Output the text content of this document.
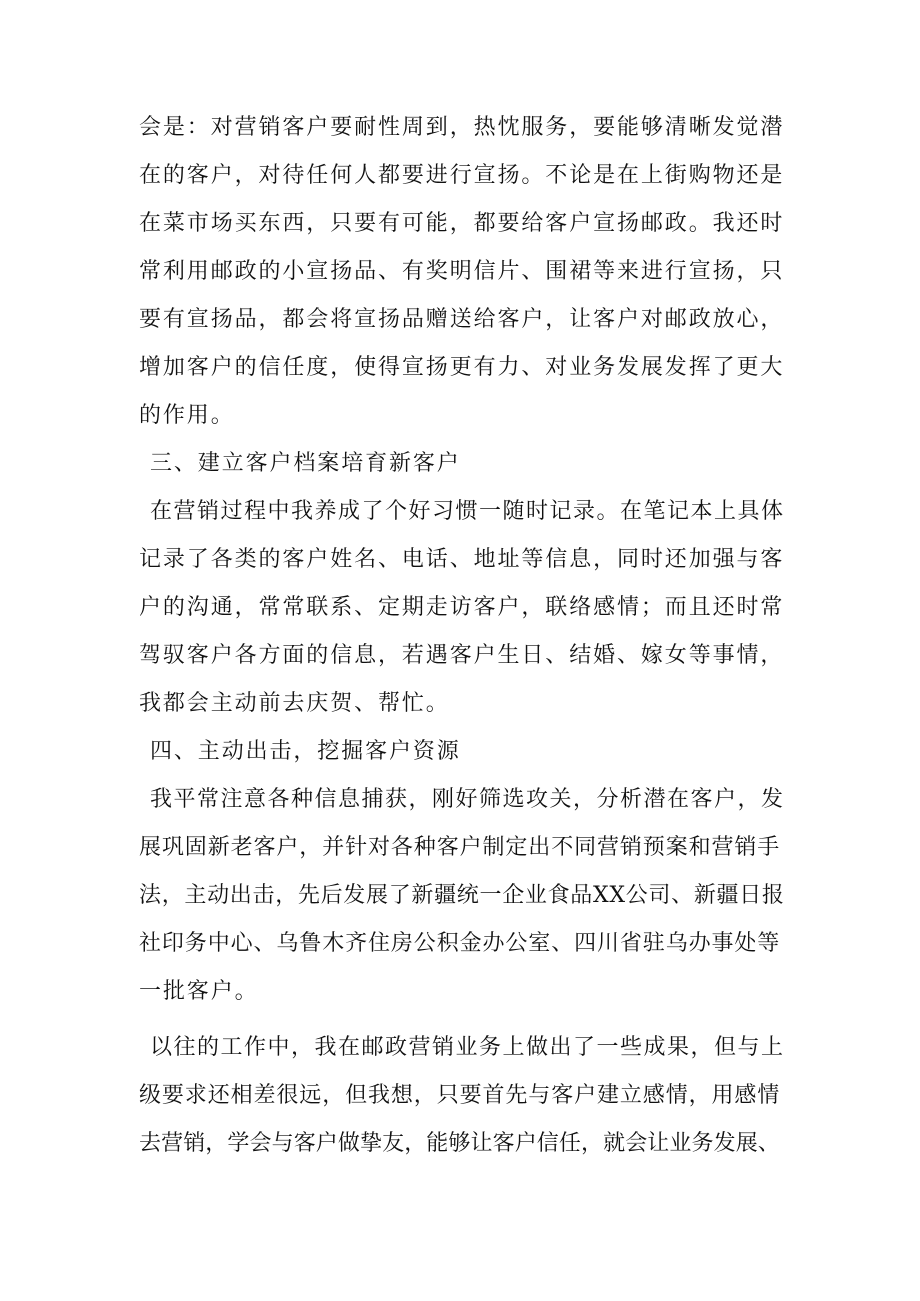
会是：对营销客户要耐性周到，热忱服务，要能够清晰发觉潜
在的客户，对待任何人都要进行宣扬。不论是在上街购物还是
在菜市场买东西，只要有可能，都要给客户宣扬邮政。我还时
常利用邮政的小宣扬品、有奖明信片、围裙等来进行宣扬，只
要有宣扬品，都会将宣扬品赠送给客户，让客户对邮政放心，
增加客户的信任度，使得宣扬更有力、对业务发展发挥了更大
的作用。
三、建立客户档案培育新客户
在营销过程中我养成了个好习惯一随时记录。在笔记本上具体
记录了各类的客户姓名、电话、地址等信息，同时还加强与客
户的沟通，常常联系、定期走访客户，联络感情；而且还时常
驾驭客户各方面的信息，若遇客户生日、结婚、嫁女等事情，
我都会主动前去庆贺、帮忙。
四、主动出击，挖掘客户资源
我平常注意各种信息捕获，刚好筛选攻关，分析潜在客户，发
展巩固新老客户，并针对各种客户制定出不同营销预案和营销手
法，主动出击，先后发展了新疆统一企业食品XX公司、新疆日报
社印务中心、乌鲁木齐住房公积金办公室、四川省驻乌办事处等
一批客户。
以往的工作中，我在邮政营销业务上做出了一些成果，但与上
级要求还相差很远，但我想，只要首先与客户建立感情，用感情
去营销，学会与客户做挚友，能够让客户信任，就会让业务发展、
